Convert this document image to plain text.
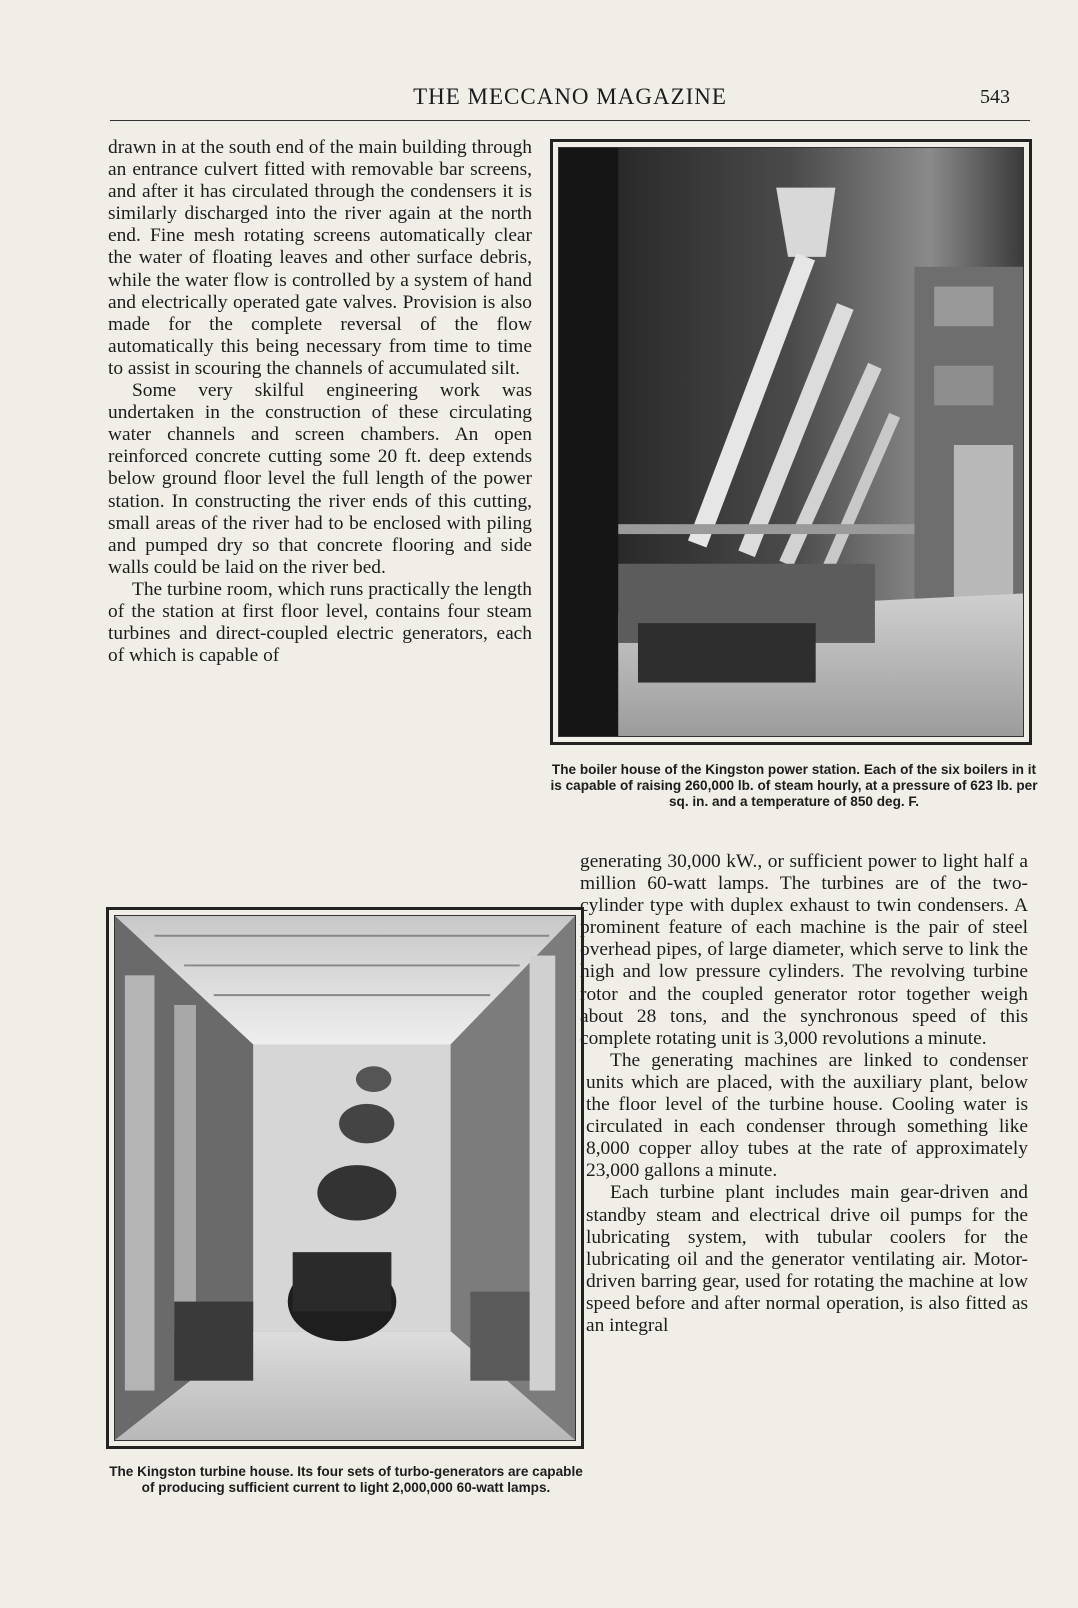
THE MECCANO MAGAZINE	543

drawn in at the south end of the main building through an entrance culvert fitted with removable bar screens, and after it has circulated through the condensers it is similarly discharged into the river again at the north end. Fine mesh rotating screens automatically clear the water of floating leaves and other surface debris, while the water flow is controlled by a system of hand and electrically operated gate valves. Provision is also made for the complete reversal of the flow automatically this being necessary from time to time to assist in scouring the channels of accumulated silt.

Some very skilful engineering work was undertaken in the construction of these circulating water channels and screen chambers. An open reinforced concrete cutting some 20 ft. deep extends below ground floor level the full length of the power station. In constructing the river ends of this cutting, small areas of the river had to be enclosed with piling and pumped dry so that concrete flooring and side walls could be laid on the river bed.

The turbine room, which runs practically the length of the station at first floor level, contains four steam turbines and direct-coupled electric generators, each of which is capable of

The boiler house of the Kingston power station. Each of the six boilers in it is capable of raising 260,000 lb. of steam hourly, at a pressure of 623 lb. per sq. in. and a temperature of 850 deg. F.

generating 30,000 kW., or sufficient power to light half a million 60-watt lamps. The turbines are of the two-cylinder type with duplex exhaust to twin condensers. A prominent feature of each machine is the pair of steel overhead pipes, of large diameter, which serve to link the high and low pressure cylinders. The revolving turbine rotor and the coupled generator rotor together weigh about 28 tons, and the synchronous speed of this complete rotating unit is 3,000 revolutions a minute.

The generating machines are linked to condenser units which are placed, with the auxiliary plant, below the floor level of the turbine house. Cooling water is circulated in each condenser through something like 8,000 copper alloy tubes at the rate of approximately 23,000 gallons a minute.

Each turbine plant includes main gear-driven and standby steam and electrical drive oil pumps for the lubricating system, with tubular coolers for the lubricating oil and the generator ventilating air. Motor-driven barring gear, used for rotating the machine at low speed before and after normal operation, is also fitted as an integral

The Kingston turbine house. Its four sets of turbo-generators are capable of producing sufficient current to light 2,000,000 60-watt lamps.
